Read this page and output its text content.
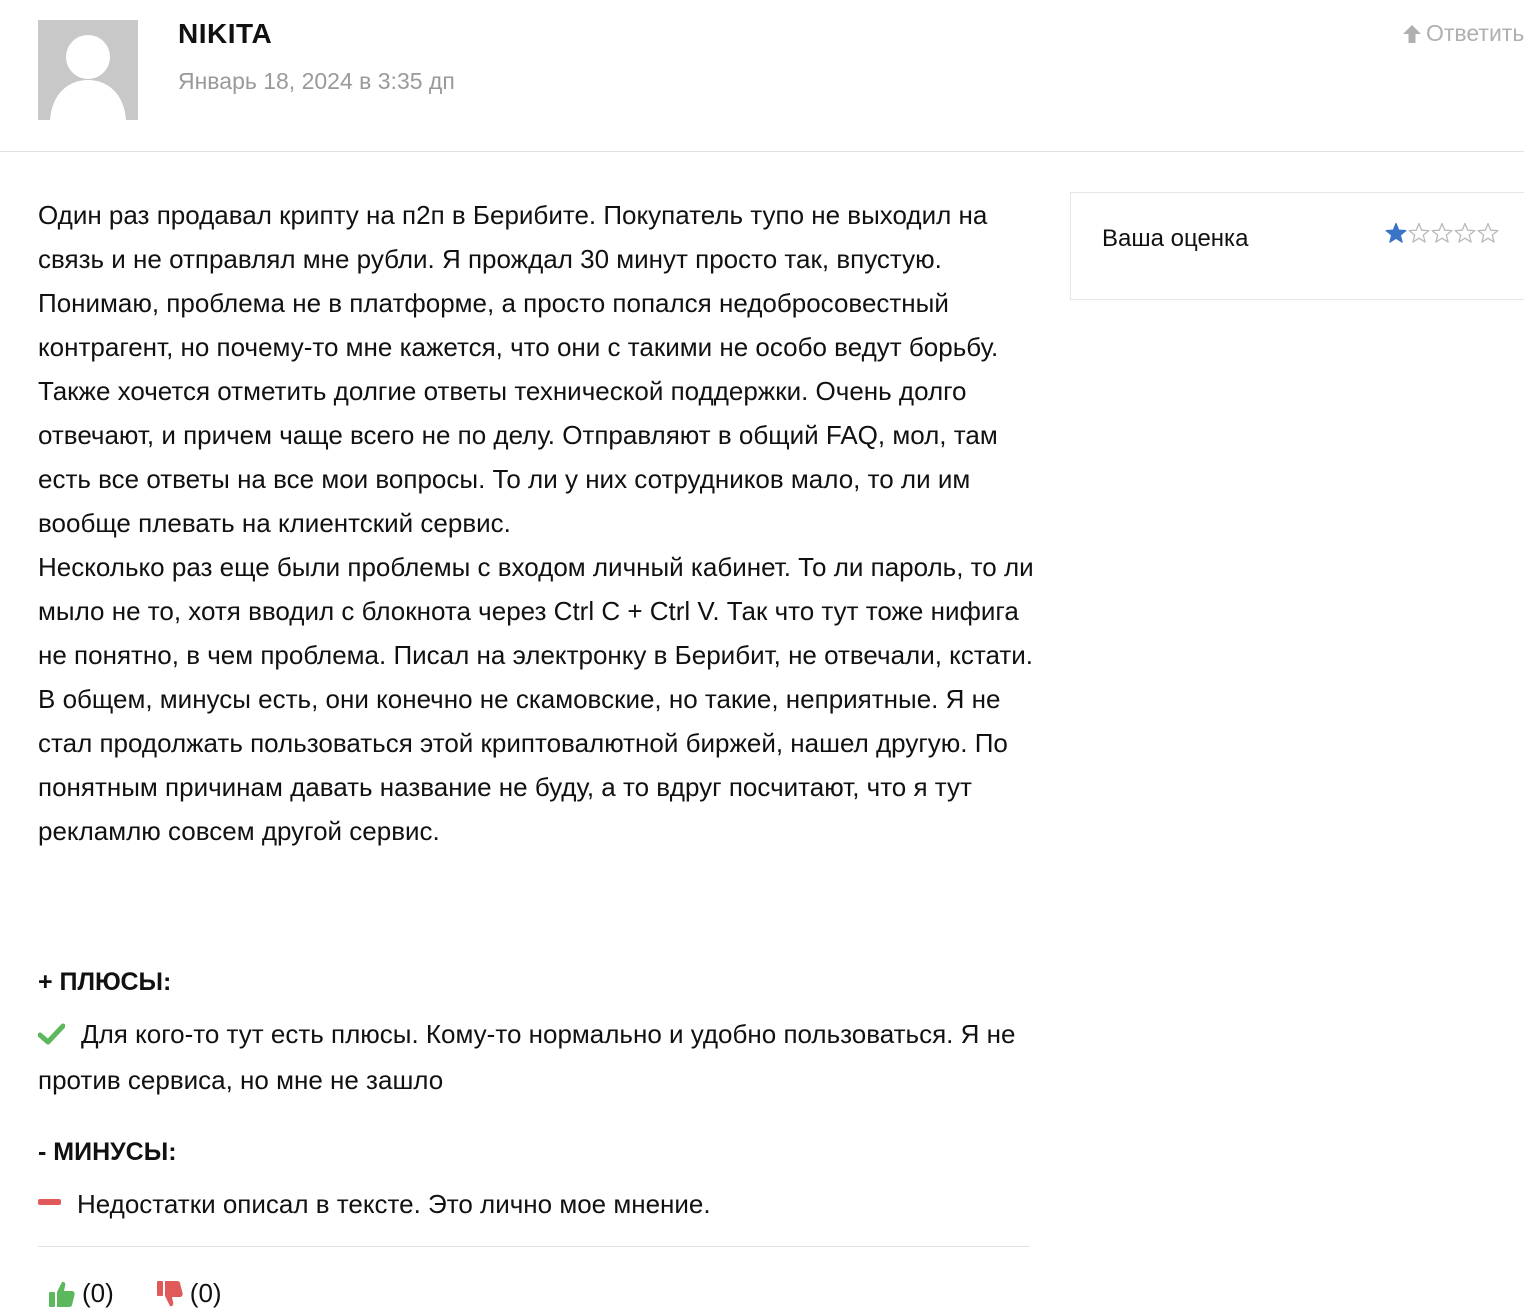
NIKITA
Январь 18, 2024 в 3:35 дп
Ответить

Один раз продавал крипту на п2п в Берибите. Покупатель тупо не выходил на связь и не отправлял мне рубли. Я прождал 30 минут просто так, впустую. Понимаю, проблема не в платформе, а просто попался недобросовестный контрагент, но почему-то мне кажется, что они с такими не особо ведут борьбу.

Также хочется отметить долгие ответы технической поддержки. Очень долго отвечают, и причем чаще всего не по делу. Отправляют в общий FAQ, мол, там есть все ответы на все мои вопросы. То ли у них сотрудников мало, то ли им вообще плевать на клиентский сервис.

Несколько раз еще были проблемы с входом личный кабинет. То ли пароль, то ли мыло не то, хотя вводил с блокнота через Ctrl C + Ctrl V. Так что тут тоже нифига не понятно, в чем проблема. Писал на электронку в Берибит, не отвечали, кстати.

В общем, минусы есть, они конечно не скамовские, но такие, неприятные. Я не стал продолжать пользоваться этой криптовалютной биржей, нашел другую. По понятным причинам давать название не буду, а то вдруг посчитают, что я тут рекламлю совсем другой сервис.

Ваша оценка
+ ПЛЮСЫ:
Для кого-то тут есть плюсы. Кому-то нормально и удобно пользоваться. Я не против сервиса, но мне не зашло
- МИНУСЫ:
Недостатки описал в тексте. Это лично мое мнение.
(0)	(0)
